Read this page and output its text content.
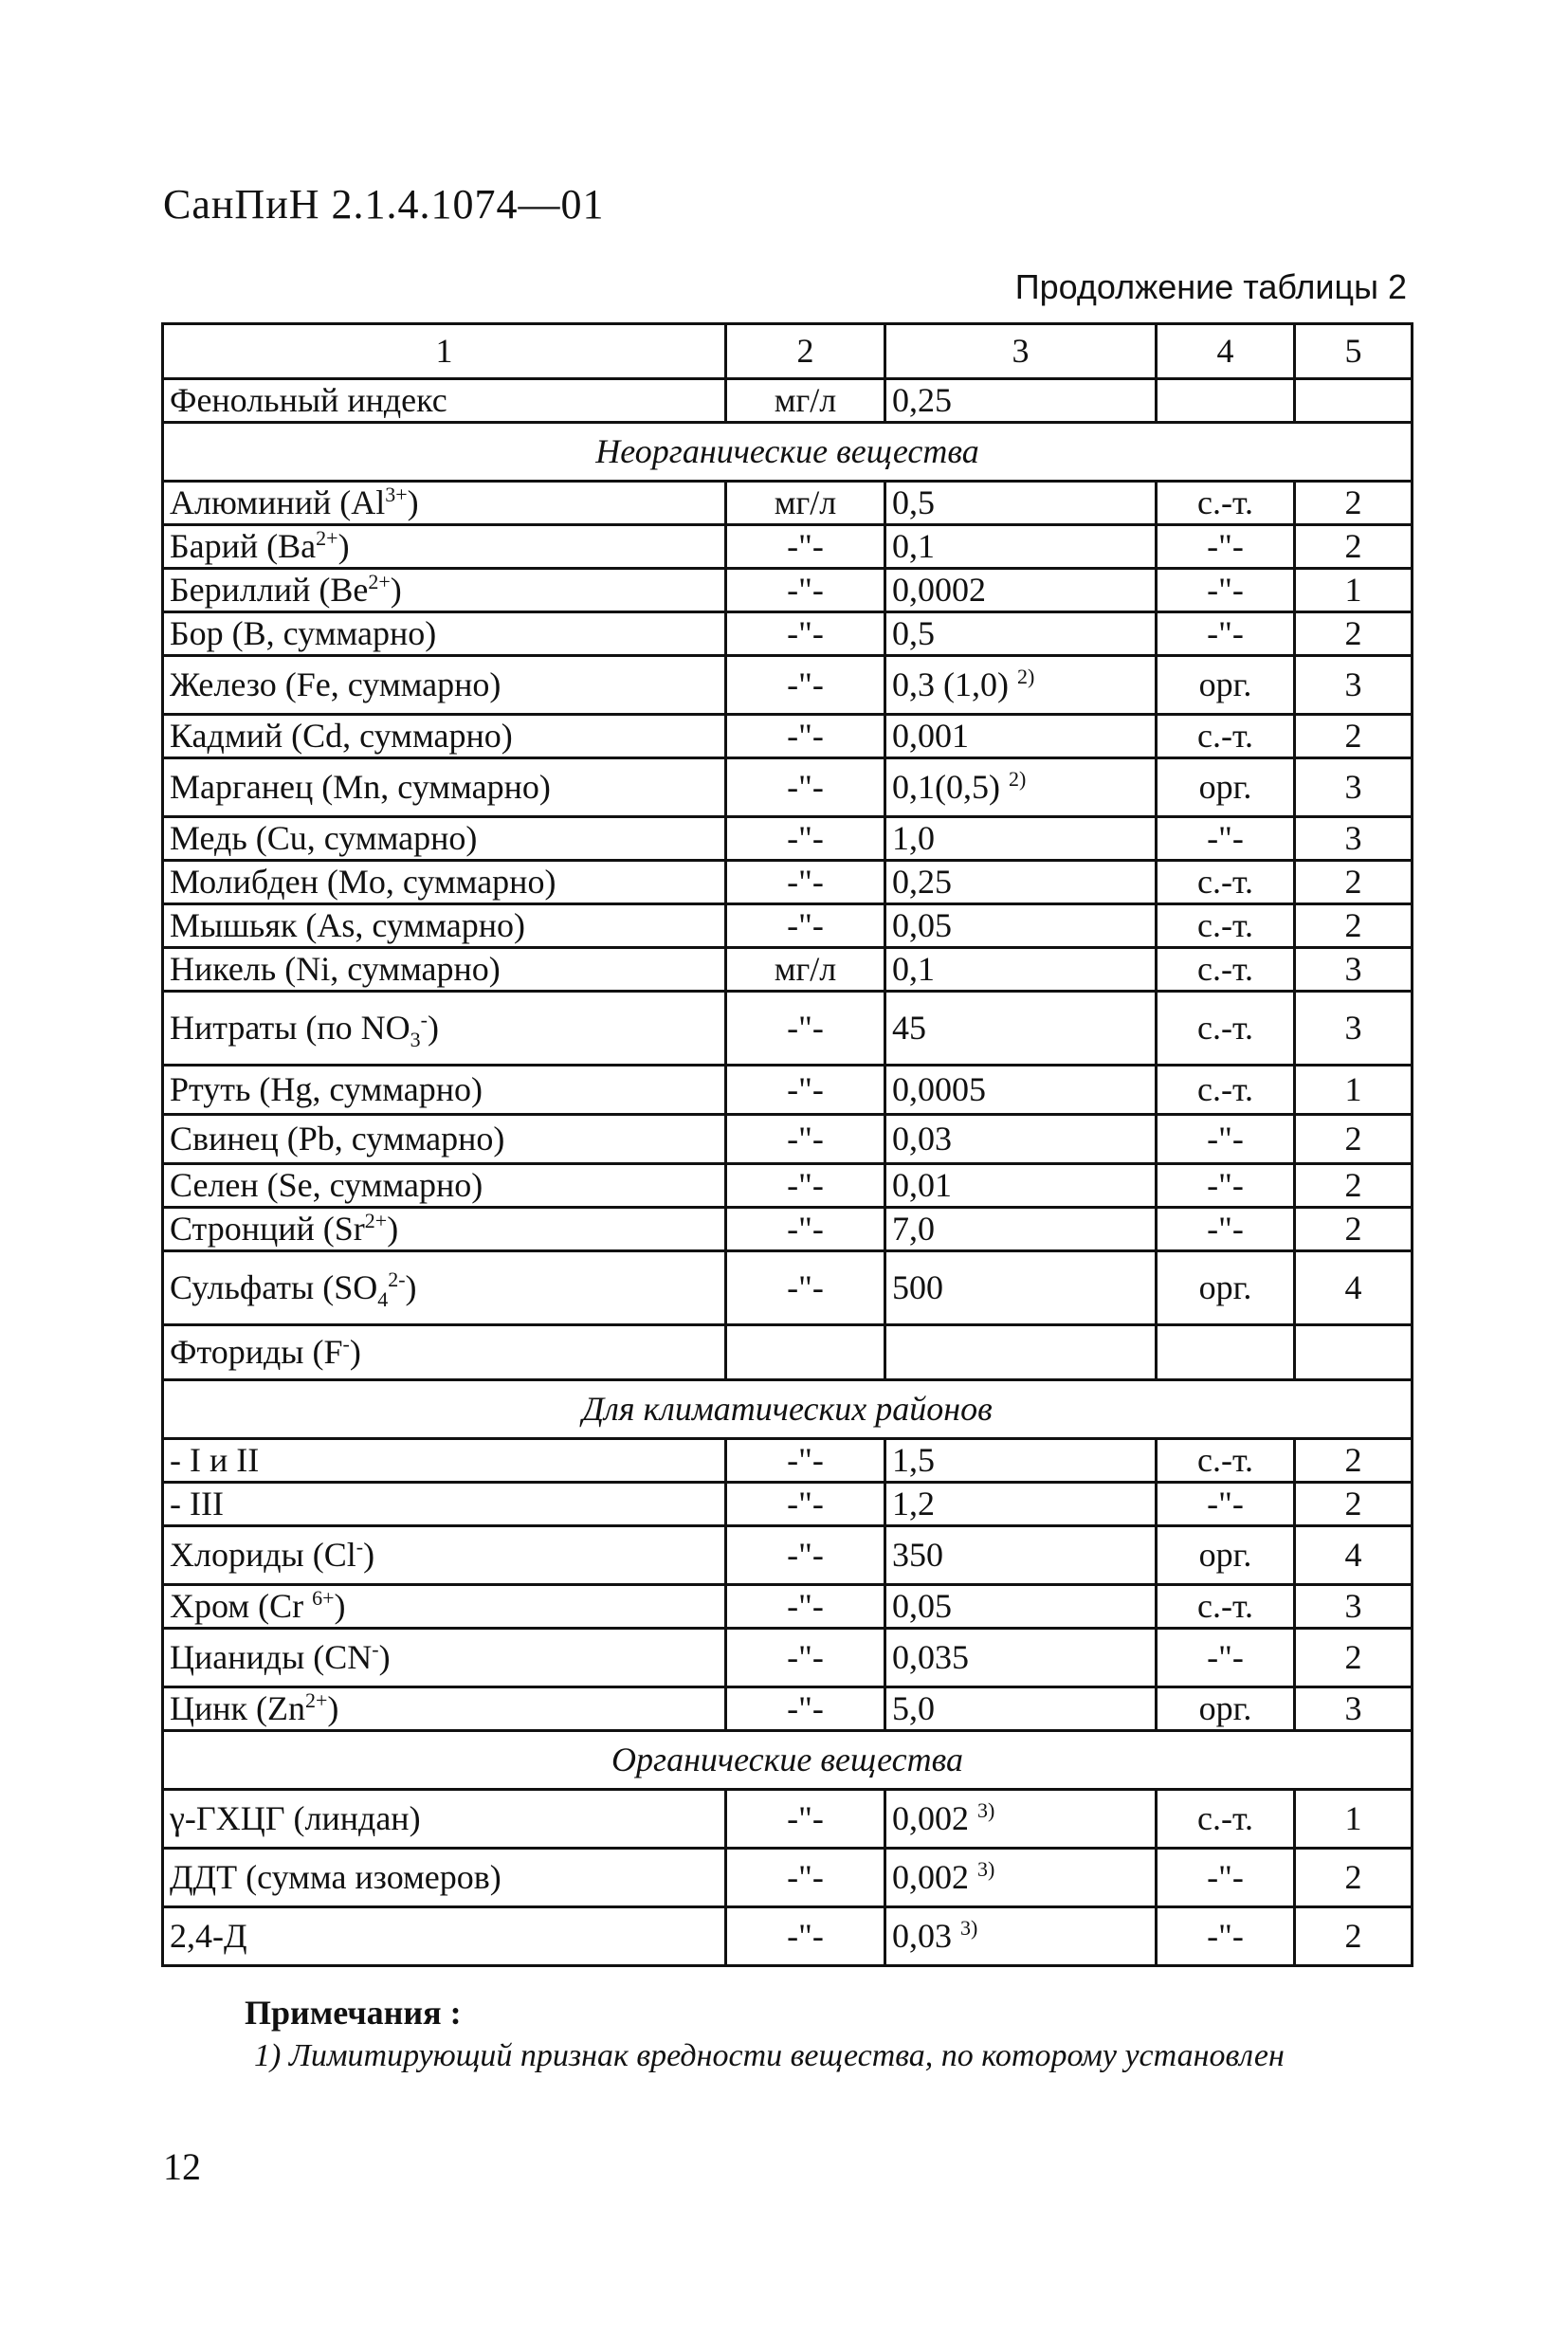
СанПиН 2.1.4.1074—01
Продолжение таблицы 2
1	2	3	4	5
Фенольный индекс	мг/л	0,25		
Неорганические вещества				
Алюминий $(Al^{3+})$	мг/л	0,5	с.-т.	2
Барий $(Ba^{2+})$	-"-	0,1	-"-	2
Бериллий $(Be^{2+})$	-"-	0,0002	-"-	1
Бор (B, суммарно)	-"-	0,5	-"-	2
Железо (Fe, суммарно)	-"-	0,3 (1,0) $^{2)}$	орг.	3
Кадмий (Cd, суммарно)	-"-	0,001	с.-т.	2
Марганец (Mn, суммарно)	-"-	0,1(0,5) $^{2)}$	орг.	3
Медь (Cu, суммарно)	-"-	1,0	-"-	3
Молибден (Mo, суммарно)	-"-	0,25	с.-т.	2
Мышьяк (As, суммарно)	-"-	0,05	с.-т.	2
Никель (Ni, суммарно)	мг/л	0,1	с.-т.	3
Нитраты (по $NO_3^-$)	-"-	45	с.-т.	3
Ртуть (Hg, суммарно)	-"-	0,0005	с.-т.	1
Свинец (Pb, суммарно)	-"-	0,03	-"-	2
Селен (Se, суммарно)	-"-	0,01	-"-	2
Стронций $(Sr^{2+})$	-"-	7,0	-"-	2
Сульфаты $(SO_4^{2-})$	-"-	500	орг.	4
Фториды (F-)				
Для климатических районов				
- I и II	-"-	1,5	с.-т.	2
- III	-"-	1,2	-"-	2
Хлориды (Cl-)	-"-	350	орг.	4
Хром (Cr $^{6+}$)	-"-	0,05	с.-т.	3
Цианиды (CN-)	-"-	0,035	-"-	2
Цинк $(Zn^{2+})$	-"-	5,0	орг.	3
Органические вещества				
γ-ГХЦГ (линдан)	-"-	0,002 $^{3)}$	с.-т.	1
ДДТ (сумма изомеров)	-"-	0,002 $^{3)}$	-"-	2
2,4-Д	-"-	0,03 $^{3)}$	-"-	2
Примечания :
1) Лимитирующий признак вредности вещества, по которому установлен
12
